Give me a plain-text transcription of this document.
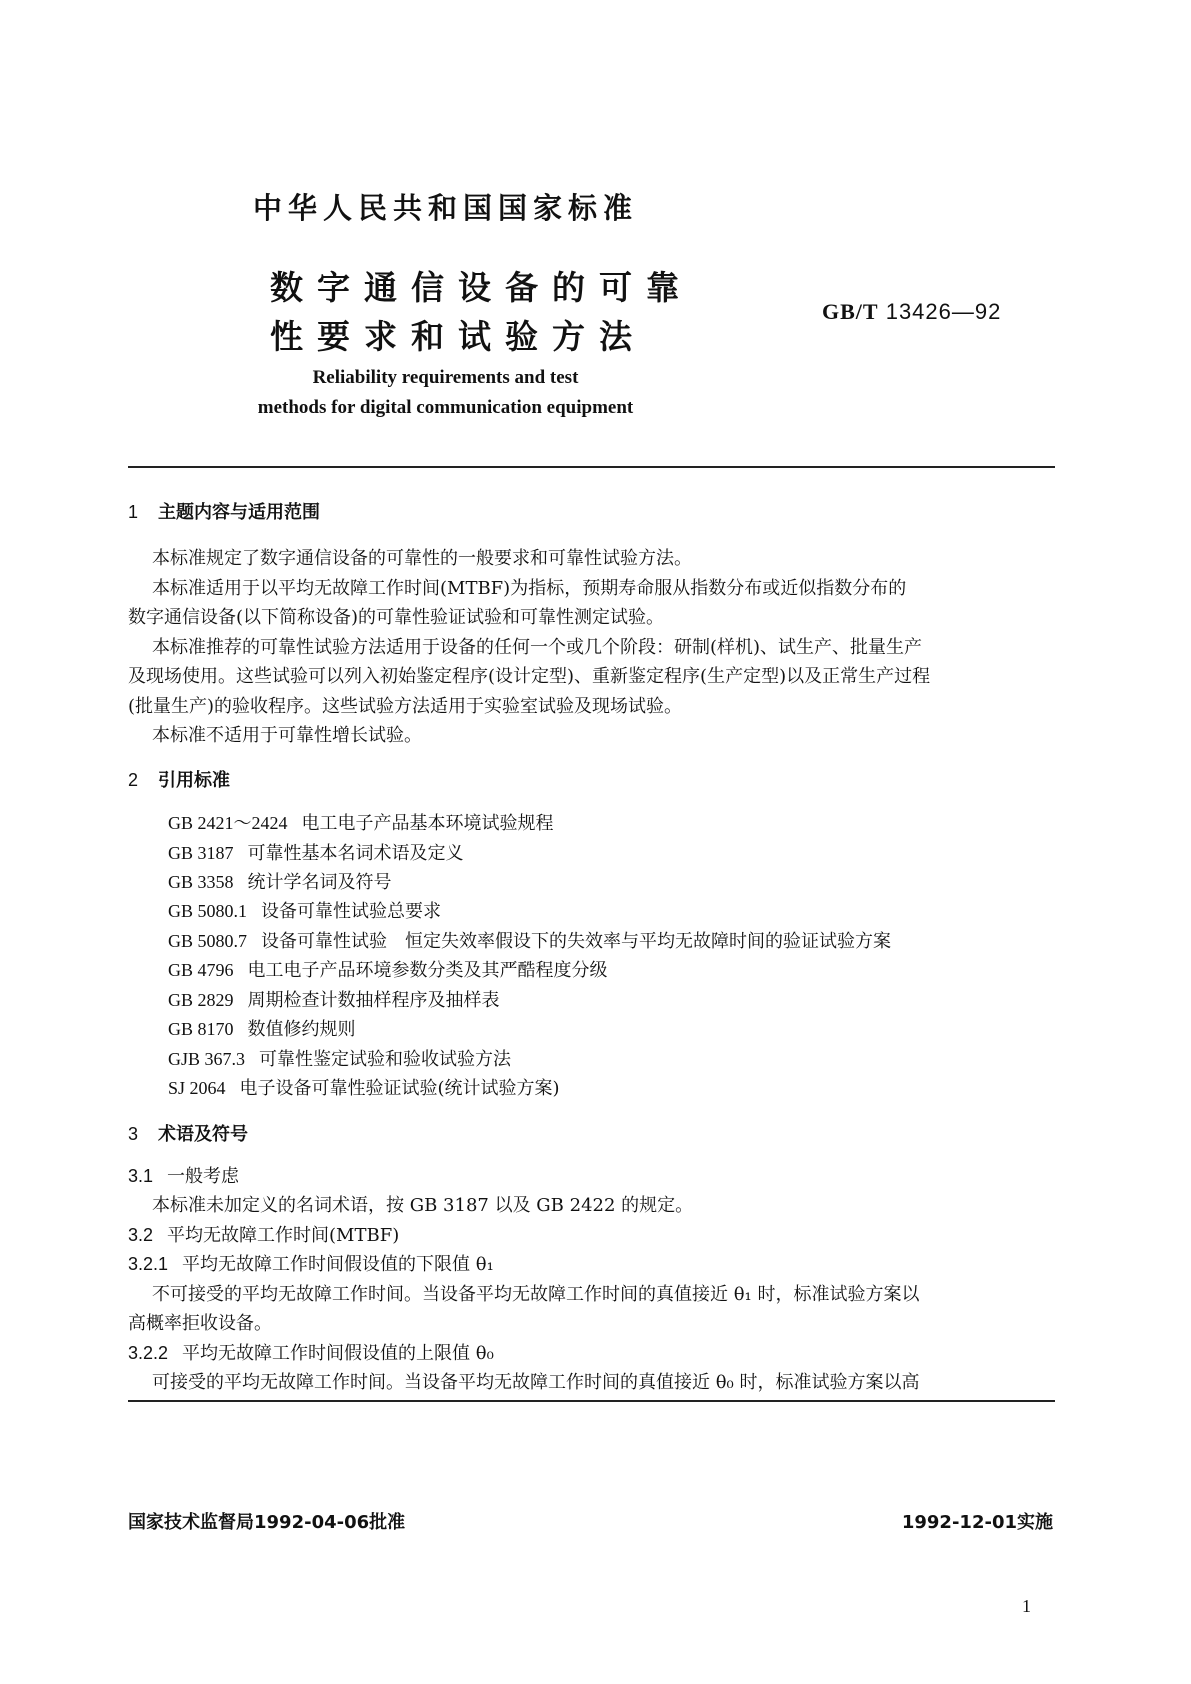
中华人民共和国国家标准
数字通信设备的可靠
性要求和试验方法
GB/T 13426—92
Reliability requirements and test
methods for digital communication equipment
1 主题内容与适用范围
本标准规定了数字通信设备的可靠性的一般要求和可靠性试验方法。
本标准适用于以平均无故障工作时间(MTBF)为指标，预期寿命服从指数分布或近似指数分布的
数字通信设备(以下简称设备)的可靠性验证试验和可靠性测定试验。
本标准推荐的可靠性试验方法适用于设备的任何一个或几个阶段：研制(样机)、试生产、批量生产
及现场使用。这些试验可以列入初始鉴定程序(设计定型)、重新鉴定程序(生产定型)以及正常生产过程
(批量生产)的验收程序。这些试验方法适用于实验室试验及现场试验。
本标准不适用于可靠性增长试验。
2 引用标准
GB 2421～2424 电工电子产品基本环境试验规程
GB 3187 可靠性基本名词术语及定义
GB 3358 统计学名词及符号
GB 5080.1 设备可靠性试验总要求
GB 5080.7 设备可靠性试验　恒定失效率假设下的失效率与平均无故障时间的验证试验方案
GB 4796 电工电子产品环境参数分类及其严酷程度分级
GB 2829 周期检查计数抽样程序及抽样表
GB 8170 数值修约规则
GJB 367.3 可靠性鉴定试验和验收试验方法
SJ 2064 电子设备可靠性验证试验(统计试验方案)
3 术语及符号
3.1 一般考虑
本标准未加定义的名词术语，按 GB 3187 以及 GB 2422 的规定。
3.2 平均无故障工作时间(MTBF)
3.2.1 平均无故障工作时间假设值的下限值 θ₁
不可接受的平均无故障工作时间。当设备平均无故障工作时间的真值接近 θ₁ 时，标准试验方案以
高概率拒收设备。
3.2.2 平均无故障工作时间假设值的上限值 θ₀
可接受的平均无故障工作时间。当设备平均无故障工作时间的真值接近 θ₀ 时，标准试验方案以高
国家技术监督局1992-04-06批准	1992-12-01实施
1
